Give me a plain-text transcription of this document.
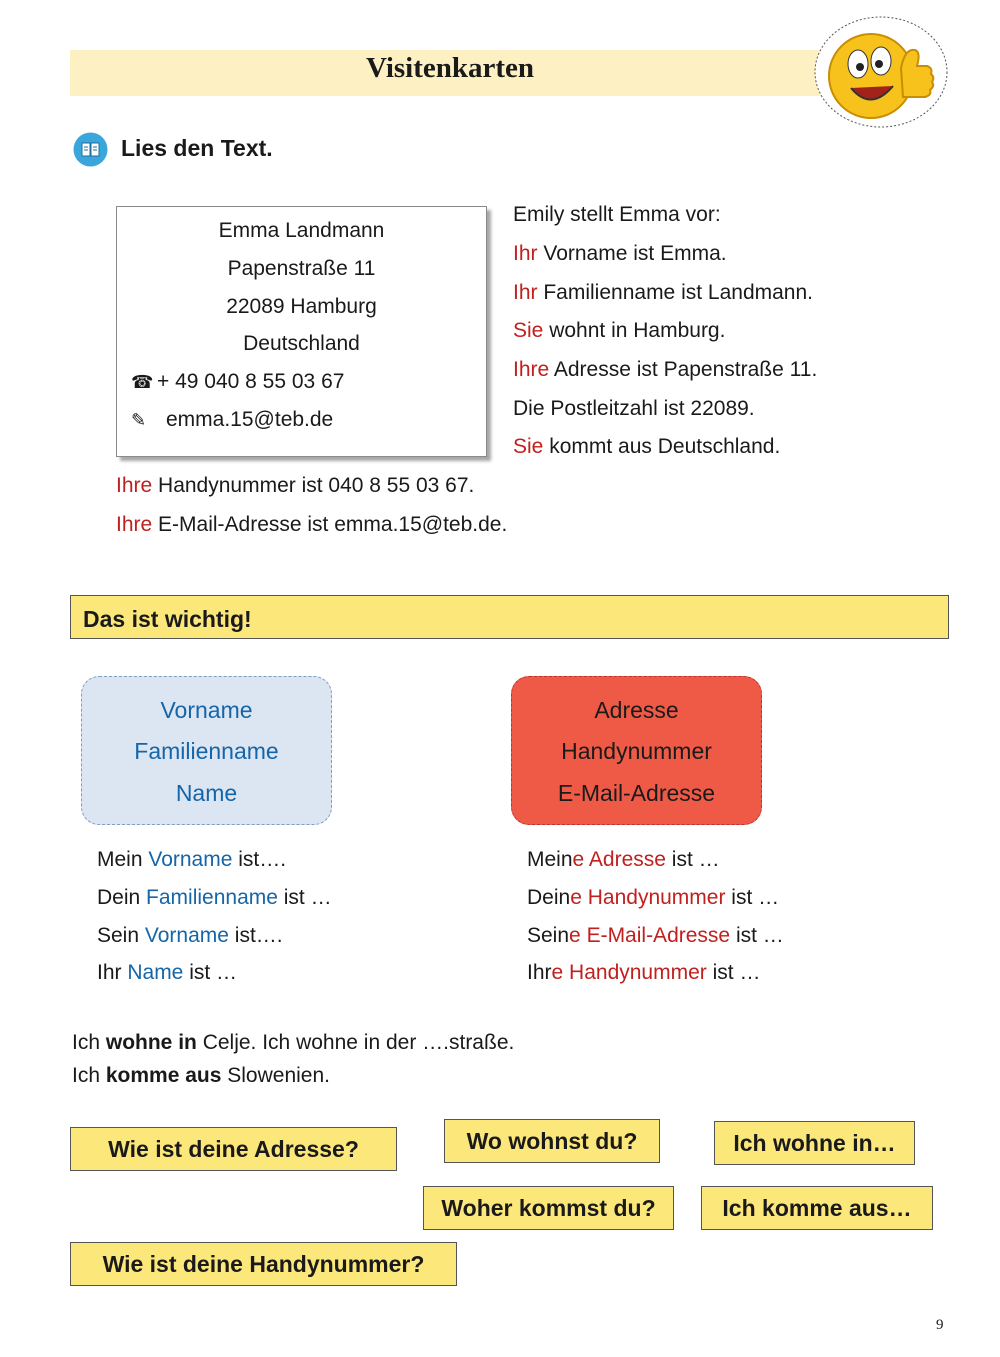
Visitenkarten
Lies den Text.
Emma Landmann
Papenstraße 11
22089 Hamburg
Deutschland
☎ + 49 040 8 55 03 67
✎ emma.15@teb.de
Emily stellt Emma vor:
Ihr Vorname ist Emma.
Ihr Familienname ist Landmann.
Sie wohnt in Hamburg.
Ihre Adresse ist Papenstraße 11.
Die Postleitzahl ist 22089.
Sie kommt aus Deutschland.
Ihre Handynummer ist 040 8 55 03 67.
Ihre E-Mail-Adresse ist emma.15@teb.de.
Das ist wichtig!
Vorname
Familienname
Name
Adresse
Handynummer
E-Mail-Adresse
Mein Vorname ist….
Dein Familienname ist …
Sein Vorname ist….
Ihr Name ist …
Meine Adresse ist …
Deine Handynummer ist …
Seine E-Mail-Adresse ist …
Ihre Handynummer ist …
Ich wohne in Celje. Ich wohne in der ….straße.
Ich komme aus Slowenien.
Wie ist deine Adresse?	Wo wohnst du?	Ich wohne in…
Woher kommst du?	Ich komme aus…
Wie ist deine Handynummer?
9
